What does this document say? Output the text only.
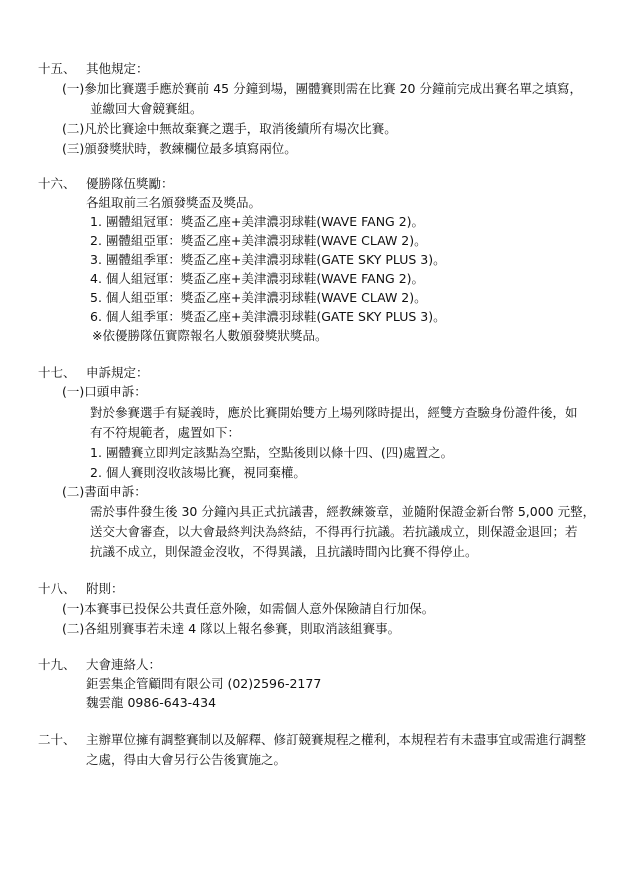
十五、 其他規定：
(一)參加比賽選手應於賽前 45 分鐘到場，團體賽則需在比賽 20 分鐘前完成出賽名單之填寫，
並繳回大會競賽組。
(二)凡於比賽途中無故棄賽之選手，取消後續所有場次比賽。
(三)頒發獎狀時，教練欄位最多填寫兩位。
十六、 優勝隊伍獎勵：
各組取前三名頒發獎盃及獎品。
1. 團體組冠軍：獎盃乙座+美津濃羽球鞋(WAVE FANG 2)。
2. 團體組亞軍：獎盃乙座+美津濃羽球鞋(WAVE CLAW 2)。
3. 團體組季軍：獎盃乙座+美津濃羽球鞋(GATE SKY PLUS 3)。
4. 個人組冠軍：獎盃乙座+美津濃羽球鞋(WAVE FANG 2)。
5. 個人組亞軍：獎盃乙座+美津濃羽球鞋(WAVE CLAW 2)。
6. 個人組季軍：獎盃乙座+美津濃羽球鞋(GATE SKY PLUS 3)。
※依優勝隊伍實際報名人數頒發獎狀獎品。
十七、 申訴規定：
(一)口頭申訴：
對於參賽選手有疑義時，應於比賽開始雙方上場列隊時提出，經雙方查驗身份證件後，如
有不符規範者，處置如下：
1. 團體賽立即判定該點為空點，空點後則以條十四、(四)處置之。
2. 個人賽則沒收該場比賽，視同棄權。
(二)書面申訴：
需於事件發生後 30 分鐘內具正式抗議書，經教練簽章，並隨附保證金新台幣 5,000 元整，
送交大會審查，以大會最終判決為終結，不得再行抗議。若抗議成立，則保證金退回；若
抗議不成立，則保證金沒收，不得異議，且抗議時間內比賽不得停止。
十八、 附則：
(一)本賽事已投保公共責任意外險，如需個人意外保險請自行加保。
(二)各組別賽事若未達 4 隊以上報名參賽，則取消該組賽事。
十九、 大會連絡人：
鉅雲集企管顧問有限公司 (02)2596-2177
魏雲龍 0986-643-434
二十、 主辦單位擁有調整賽制以及解釋、修訂競賽規程之權利，本規程若有未盡事宜或需進行調整
之處，得由大會另行公告後實施之。
